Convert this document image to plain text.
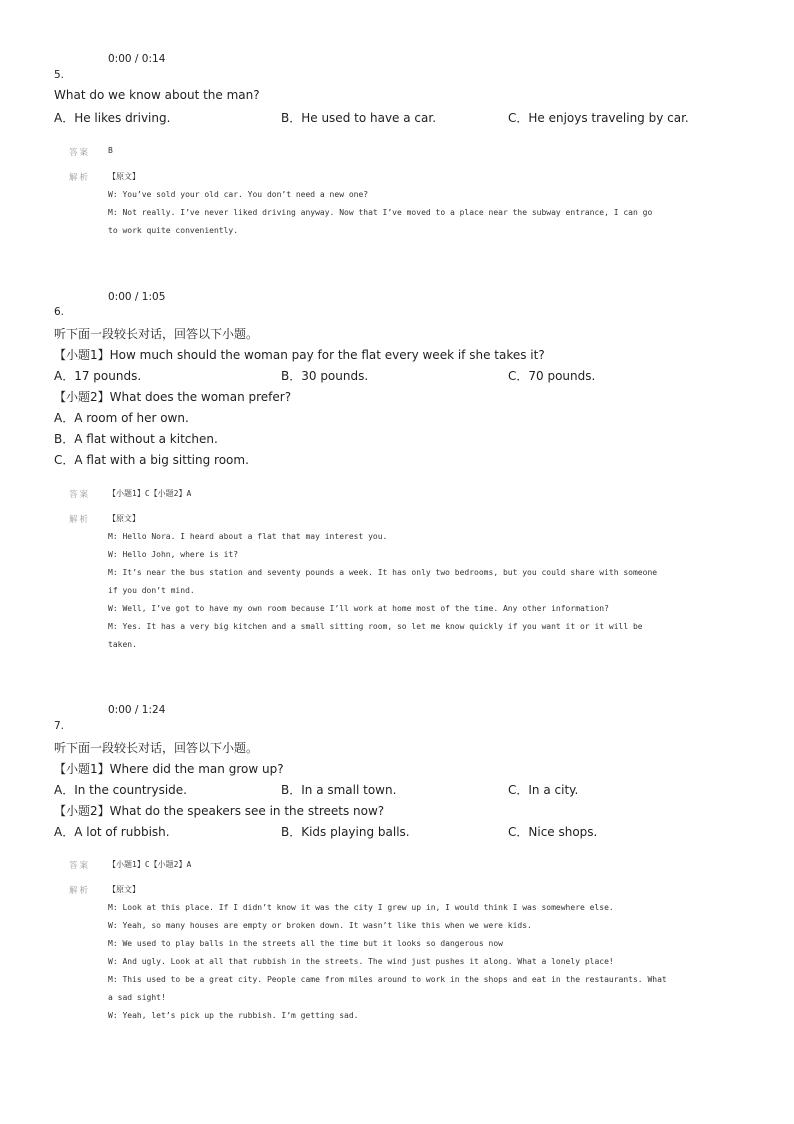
0:00 / 0:14
5.
What do we know about the man?
A．He likes driving.	B．He used to have a car.	C．He enjoys traveling by car.
答案 B
解析 【原文】
W: You’ve sold your old car. You don’t need a new one?
M: Not really. I’ve never liked driving anyway. Now that I’ve moved to a place near the subway entrance, I can go
to work quite conveniently.
0:00 / 1:05
6.
听下面一段较长对话，回答以下小题。
【小题1】How much should the woman pay for the flat every week if she takes it?
A．17 pounds.	B．30 pounds.	C．70 pounds.
【小题2】What does the woman prefer?
A．A room of her own.
B．A flat without a kitchen.
C．A flat with a big sitting room.
答案 【小题1】C【小题2】A
解析 【原文】
M: Hello Nora. I heard about a flat that may interest you.
W: Hello John, where is it?
M: It’s near the bus station and seventy pounds a week. It has only two bedrooms, but you could share with someone
if you don’t mind.
W: Well, I’ve got to have my own room because I’ll work at home most of the time. Any other information?
M: Yes. It has a very big kitchen and a small sitting room, so let me know quickly if you want it or it will be
taken.
0:00 / 1:24
7.
听下面一段较长对话，回答以下小题。
【小题1】Where did the man grow up?
A．In the countryside.	B．In a small town.	C．In a city.
【小题2】What do the speakers see in the streets now?
A．A lot of rubbish.	B．Kids playing balls.	C．Nice shops.
答案 【小题1】C【小题2】A
解析 【原文】
M: Look at this place. If I didn’t know it was the city I grew up in, I would think I was somewhere else.
W: Yeah, so many houses are empty or broken down. It wasn’t like this when we were kids.
M: We used to play balls in the streets all the time but it looks so dangerous now
W: And ugly. Look at all that rubbish in the streets. The wind just pushes it along. What a lonely place!
M: This used to be a great city. People came from miles around to work in the shops and eat in the restaurants. What
a sad sight!
W: Yeah, let’s pick up the rubbish. I’m getting sad.
